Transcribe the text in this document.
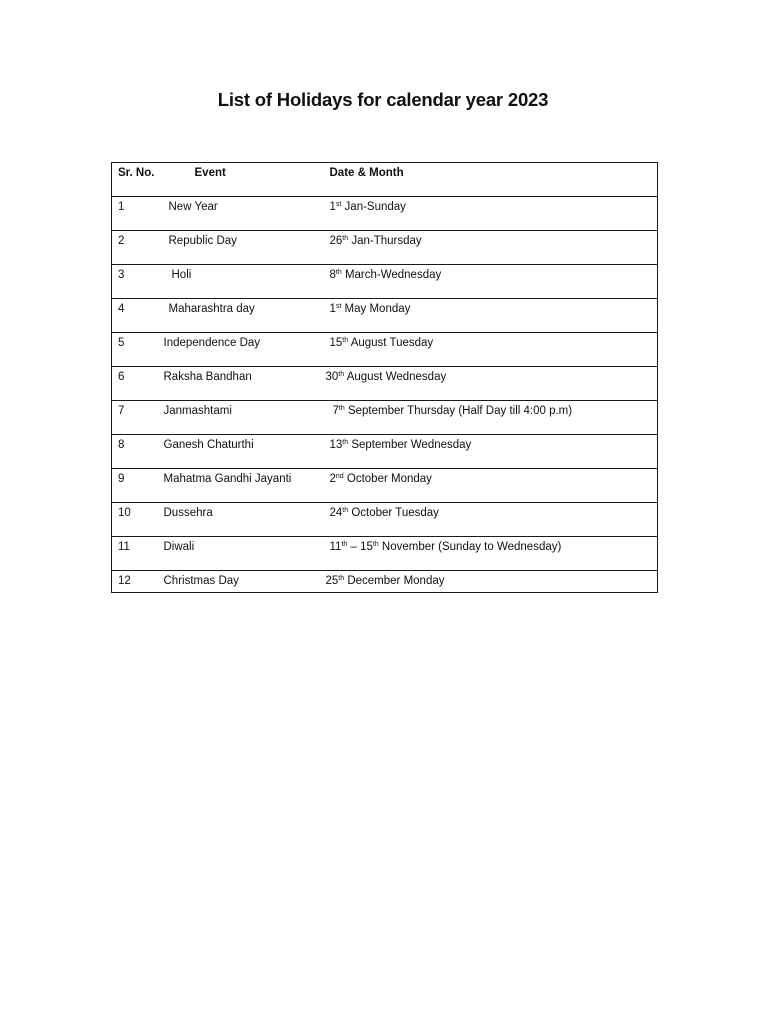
List of Holidays for calendar year 2023
Sr. No.	Event	Date & Month

1	New Year	1st Jan-Sunday

2	Republic Day	26th Jan-Thursday

3	Holi	8th March-Wednesday

4	Maharashtra day	1st May Monday

5	Independence Day	15th August Tuesday

6	Raksha Bandhan	30th August Wednesday

7	Janmashtami	7th September Thursday (Half Day till 4:00 p.m)

8	Ganesh Chaturthi	13th September Wednesday

9	Mahatma Gandhi Jayanti	2nd October Monday

10	Dussehra	24th October Tuesday

11	Diwali	11th – 15th November (Sunday to Wednesday)

12	Christmas Day	25th December Monday
